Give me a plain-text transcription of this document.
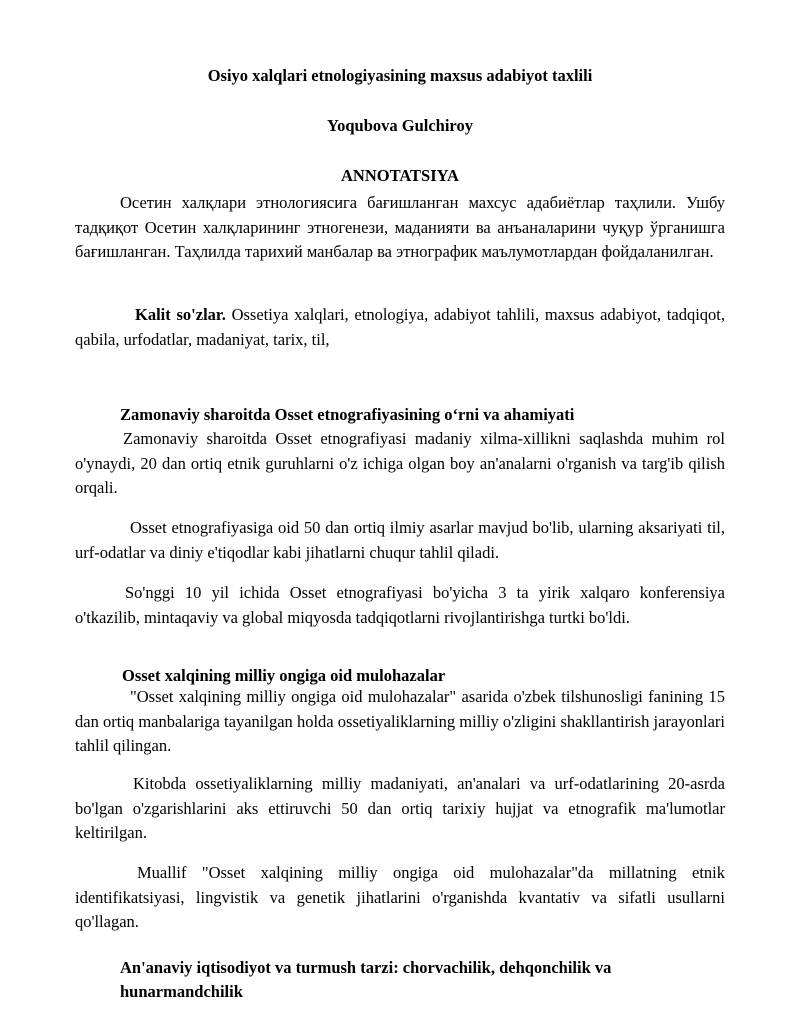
Osiyo xalqlari etnologiyasining maxsus adabiyot taxlili
Yoqubova Gulchiroy
ANNOTATSIYA
Осетин халқлари этнологиясига бағишланган махсус адабиётлар таҳлили. Ушбу тадқиқот Осетин халқларининг этногенези, маданияти ва анъаналарини чуқур ўрганишга бағишланган. Таҳлилда тарихий манбалар ва этнографик маълумотлардан фойдаланилган.
Kalit so'zlar. Ossetiya xalqlari, etnologiya, adabiyot tahlili, maxsus adabiyot, tadqiqot, qabila, urfodatlar, madaniyat, tarix, til,
Zamonaviy sharoitda Osset etnografiyasining o‘rni va ahamiyati
Zamonaviy sharoitda Osset etnografiyasi madaniy xilma-xillikni saqlashda muhim rol o'ynaydi, 20 dan ortiq etnik guruhlarni o'z ichiga olgan boy an'analarni o'rganish va targ'ib qilish orqali.
Osset etnografiyasiga oid 50 dan ortiq ilmiy asarlar mavjud bo'lib, ularning aksariyati til, urf-odatlar va diniy e'tiqodlar kabi jihatlarni chuqur tahlil qiladi.
So'nggi 10 yil ichida Osset etnografiyasi bo'yicha 3 ta yirik xalqaro konferensiya o'tkazilib, mintaqaviy va global miqyosda tadqiqotlarni rivojlantirishga turtki bo'ldi.
Osset xalqining milliy ongiga oid mulohazalar
"Osset xalqining milliy ongiga oid mulohazalar" asarida o'zbek tilshunosligi fanining 15 dan ortiq manbalariga tayanilgan holda ossetiyaliklarning milliy o'zligini shakllantirish jarayonlari tahlil qilingan.
Kitobda ossetiyaliklarning milliy madaniyati, an'analari va urf-odatlarining 20-asrda bo'lgan o'zgarishlarini aks ettiruvchi 50 dan ortiq tarixiy hujjat va etnografik ma'lumotlar keltirilgan.
Muallif "Osset xalqining milliy ongiga oid mulohazalar"da millatning etnik identifikatsiyasi, lingvistik va genetik jihatlarini o'rganishda kvantativ va sifatli usullarni qo'llagan.
An'anaviy iqtisodiyot va turmush tarzi: chorvachilik, dehqonchilik va hunarmandchilik
